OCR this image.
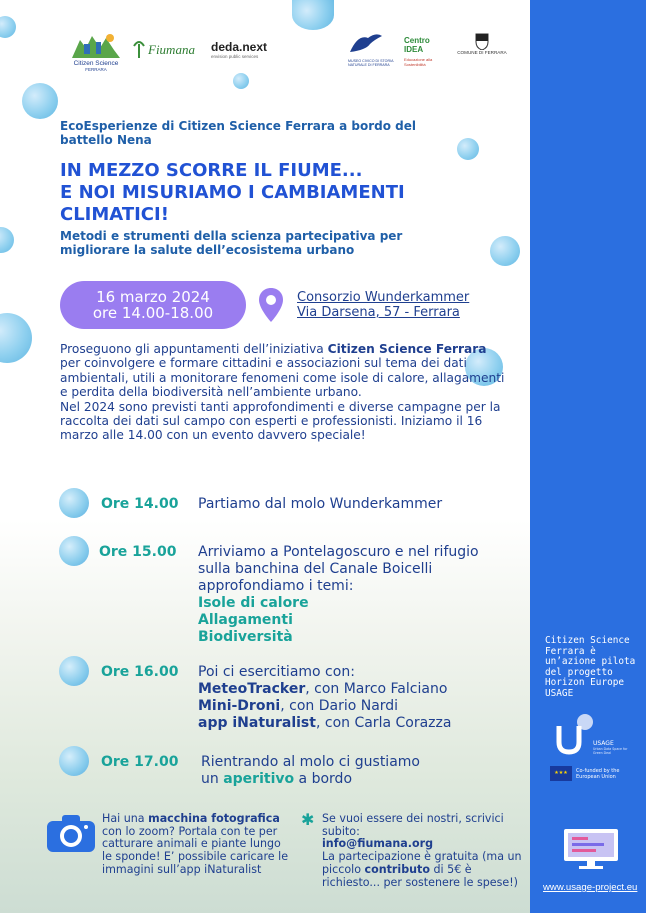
Citizen Science
FERRARA
Fiumana deda.next
envision public services
MUSEO CIVICO DI STORIA NATURALE DI FERRARA
Centro IDEA
Educazione alla Sostenibilità
COMUNE DI FERRARA
EcoEsperienze di Citizen Science Ferrara a bordo del battello Nena
IN MEZZO SCORRE IL FIUME...
E NOI MISURIAMO I CAMBIAMENTI CLIMATICI!
Metodi e strumenti della scienza partecipativa per migliorare la salute dell’ecosistema urbano
16 marzo 2024
ore 14.00-18.00
Consorzio Wunderkammer
Via Darsena, 57 - Ferrara
Proseguono gli appuntamenti dell’iniziativa Citizen Science Ferrara per coinvolgere e formare cittadini e associazioni sul tema dei dati ambientali, utili a monitorare fenomeni come isole di calore, allagamenti e perdita della biodiversità nell’ambiente urbano.
Nel 2024 sono previsti tanti approfondimenti e diverse campagne per la raccolta dei dati sul campo con esperti e professionisti. Iniziamo il 16 marzo alle 14.00 con un evento davvero speciale!
Ore 14.00 Partiamo dal molo Wunderkammer
Ore 15.00 Arriviamo a Pontelagoscuro e nel rifugio sulla banchina del Canale Boicelli approfondiamo i temi:
Isole di calore
Allagamenti
Biodiversità
Ore 16.00 Poi ci esercitiamo con:
MeteoTracker, con Marco Falciano
Mini-Droni, con Dario Nardi
app iNaturalist, con Carla Corazza
Ore 17.00 Rientrando al molo ci gustiamo
un aperitivo a bordo
Hai una macchina fotografica con lo zoom? Portala con te per catturare animali e piante lungo le sponde! E’ possibile caricare le immagini sull’app iNaturalist
✱ Se vuoi essere dei nostri, scrivici subito:
info@fiumana.org
La partecipazione è gratuita (ma un piccolo contributo di 5€ è richiesto... per sostenere le spese!)
Citizen Science Ferrara è un’azione pilota del progetto Horizon Europe USAGE
USAGE
Urban Data Space for Green Deal
★★★	Co-funded by the European Union
www.usage-project.eu
